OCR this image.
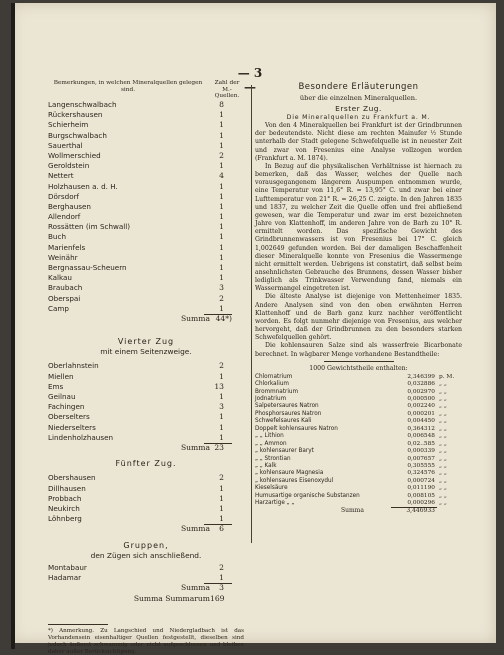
— 3 —
Bemerkungen, in welchen Mineralquellen gelegen sind.
Zahl der M.-Quellen.
Langenschwalbach	8
Rückershausen	1
Schierheim	1
Burgschwalbach	1
Sauerthal	1
Wollmerschied	2
Geroldstein	1
Nettert	4
Holzhausen a. d. H.	1
Dörsdorf	1
Berghausen	1
Allendorf	1
Rossätten (im Schwall)	1
Buch	1
Marienfels	1
Weinähr	1
Bergnassau-Scheuern	1
Kalkau	1
Braubach	3
Oberspai	2
Camp	1
Summa 44*)
Vierter Zug
mit einem Seitenzweige.
Oberlahnstein	2
Miellen	1
Ems	13
Geilnau	1
Fachingen	3
Oberselters	1
Niederselters	1
Lindenholzhausen	1
Summa 23
Fünfter Zug.
Obershausen	2
Dillhausen	1
Probbach	1
Neukirch	1
Löhnberg	1
Summa	6
Gruppen,
den Zügen sich anschließend.
Montabaur	2
Hadamar	1
Summa	3
Summa Summarum 169
*) Anmerkung. Zu Langschied und Niedergladbach ist das Vorhandensein eisenhaltiger Quellen festgestellt, dieselben sind jedoch äußerst schwammig oder nicht aufgeschlossen und bleiben daher außer Berücksichtigung.
Besondere Erläuterungen
über die einzelnen Mineralquellen.
Erster Zug.

Die Mineralquellen zu Frankfurt a. M.

Von den 4 Mineralquellen bei Frankfurt ist der Grindbrunnen der bedeutendste. Nicht diese am rechten Mainufer ½ Stunde unterhalb der Stadt gelegene Schwefelquelle ist in neuester Zeit und zwar von Fresenius eine Analyse vollzogen worden (Frankfurt a. M. 1874).

In Bezug auf die physikalischen Verhältnisse ist hiernach zu bemerken, daß das Wasser, welches der Quelle nach vorausgegangenem längerem Auspumpen entnommen wurde, eine Temperatur von 11,6° R. = 13,95° C. und zwar bei einer Lufttemperatur von 21° R. = 26,25 C. zeigte. In den Jahren 1835 und 1837, zu welcher Zeit die Quelle offen und frei abfließend gewesen, war die Temperatur und zwar im erst bezeichneten Jahre von Klattenhoff, im anderen Jahre von de Barh zu 10° R. ermittelt worden. Das spezifische Gewicht des Grindbrunnenwassers ist von Fresenius bei 17° C. gleich 1,002649 gefunden worden. Bei der damaligen Beschaffenheit dieser Mineralquelle konnte von Fresenius die Wassermenge nicht ermittelt werden. Uebrigens ist constatirt, daß selbst beim ansehnlichsten Gebrauche des Brunnens, dessen Wasser bisher lediglich als Trinkwasser Verwendung fand, niemals ein Wassermangel eingetreten ist.

Die älteste Analyse ist diejenige von Mettenheimer 1835. Andere Analysen sind von den oben erwähnten Herren Klattenhoff und de Barh ganz kurz nachher veröffentlicht worden. Es folgt nunmehr diejenige von Fresenius, aus welcher hervorgeht, daß der Grindbrunnen zu den besonders starken Schwefelquellen gehört.

Die kohlensauren Salze sind als wasserfreie Bicarbonate berechnet. In wägbarer Menge vorhandene Bestandtheile:

1000 Gewichtstheile enthalten:
Chlornatrium	2,346399 p. M.
Chlorkalium	0,032886 „ „
Brommnatrium	0,002970 „ „
Jodnatrium	0,000500 „ „
Salpetersaures Natron	0,002240 „ „
Phosphorsaures Natron	0,000201 „ „
Schwefelsaures Kali	0,004450 „ „
Doppelt kohlensaures Natron	0,364312 „ „
„ „ Lithion	0,006548 „ „
„ „ Ammon	0,02..585 „ „
„ kohlensaurer Baryt	0,000339 „ „
„ „ Strontian	0,007657 „ „
„ „ Kalk	0,305555 „ „
„ kohlensaure Magnesia	0,324576 „ „
„ kohlensaures Eisenoxydul	0,000724 „ „
Kieselsäure	0,011190 „ „
Humusartige organische Substanzen	0,008105 „ „
Harzartige „ „	0,000296 „ „
Summa	3,446933
